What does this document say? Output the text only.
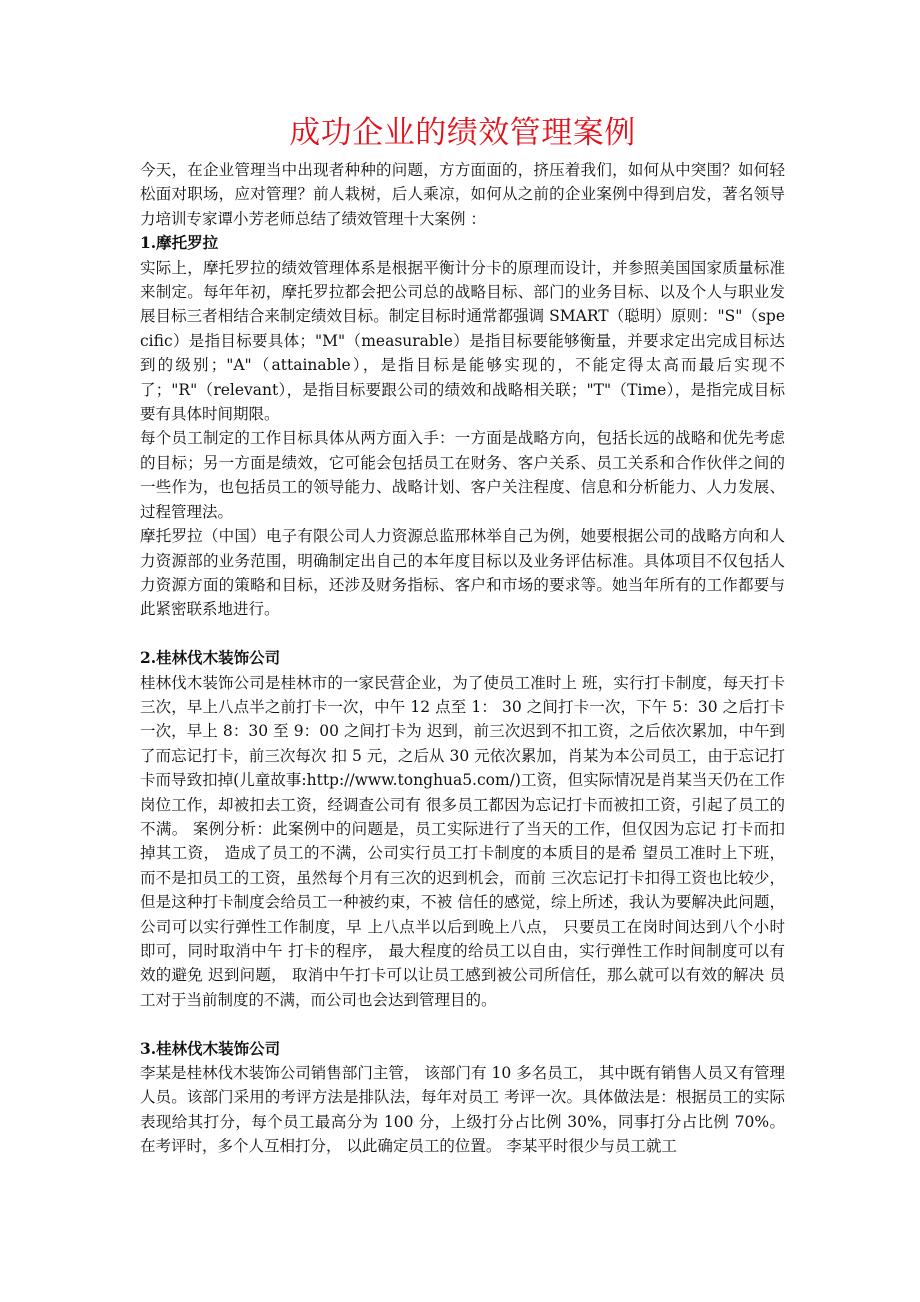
成功企业的绩效管理案例

今天，在企业管理当中出现者种种的问题，方方面面的，挤压着我们，如何从中突围？如何轻松面对职场，应对管理？前人栽树，后人乘凉，如何从之前的企业案例中得到启发，著名领导力培训专家谭小芳老师总结了绩效管理十大案例 ：

1.摩托罗拉

实际上，摩托罗拉的绩效管理体系是根据平衡计分卡的原理而设计，并参照美国国家质量标准来制定。每年年初，摩托罗拉都会把公司总的战略目标、部门的业务目标、以及个人与职业发展目标三者相结合来制定绩效目标。制定目标时通常都强调 SMART（聪明）原则："S"（specific）是指目标要具体；"M"（measurable）是指目标要能够衡量，并要求定出完成目标达到的级别；"A"（attainable），是指目标是能够实现的，不能定得太高而最后实现不了；"R"（relevant），是指目标要跟公司的绩效和战略相关联；"T"（Time），是指完成目标要有具体时间期限。

每个员工制定的工作目标具体从两方面入手：一方面是战略方向，包括长远的战略和优先考虑的目标；另一方面是绩效，它可能会包括员工在财务、客户关系、员工关系和合作伙伴之间的一些作为，也包括员工的领导能力、战略计划、客户关注程度、信息和分析能力、人力发展、过程管理法。

摩托罗拉（中国）电子有限公司人力资源总监邢林举自己为例，她要根据公司的战略方向和人力资源部的业务范围，明确制定出自己的本年度目标以及业务评估标准。具体项目不仅包括人力资源方面的策略和目标，还涉及财务指标、客户和市场的要求等。她当年所有的工作都要与此紧密联系地进行。

2.桂林伐木装饰公司

桂林伐木装饰公司是桂林市的一家民营企业，为了使员工准时上 班，实行打卡制度，每天打卡三次，早上八点半之前打卡一次，中午 12 点至 1： 30 之间打卡一次，下午 5：30 之后打卡一次，早上 8：30 至 9：00 之间打卡为 迟到，前三次迟到不扣工资，之后依次累加，中午到了而忘记打卡，前三次每次 扣 5 元，之后从 30 元依次累加，肖某为本公司员工，由于忘记打卡而导致扣掉(儿童故事:http://www.tonghua5.com/)工资，但实际情况是肖某当天仍在工作岗位工作，却被扣去工资，经调查公司有 很多员工都因为忘记打卡而被扣工资，引起了员工的不满。 案例分析：此案例中的问题是，员工实际进行了当天的工作，但仅因为忘记 打卡而扣掉其工资， 造成了员工的不满，公司实行员工打卡制度的本质目的是希 望员工准时上下班，而不是扣员工的工资，虽然每个月有三次的迟到机会，而前 三次忘记打卡扣得工资也比较少，但是这种打卡制度会给员工一种被约束，不被 信任的感觉，综上所述，我认为要解决此问题，公司可以实行弹性工作制度，早 上八点半以后到晚上八点， 只要员工在岗时间达到八个小时即可，同时取消中午 打卡的程序， 最大程度的给员工以自由，实行弹性工作时间制度可以有效的避免 迟到问题， 取消中午打卡可以让员工感到被公司所信任，那么就可以有效的解决 员工对于当前制度的不满，而公司也会达到管理目的。

3.桂林伐木装饰公司

李某是桂林伐木装饰公司销售部门主管， 该部门有 10 多名员工， 其中既有销售人员又有管理人员。该部门采用的考评方法是排队法，每年对员工 考评一次。具体做法是：根据员工的实际表现给其打分，每个员工最高分为 100 分，上级打分占比例 30%，同事打分占比例 70%。在考评时，多个人互相打分， 以此确定员工的位置。 李某平时很少与员工就工
